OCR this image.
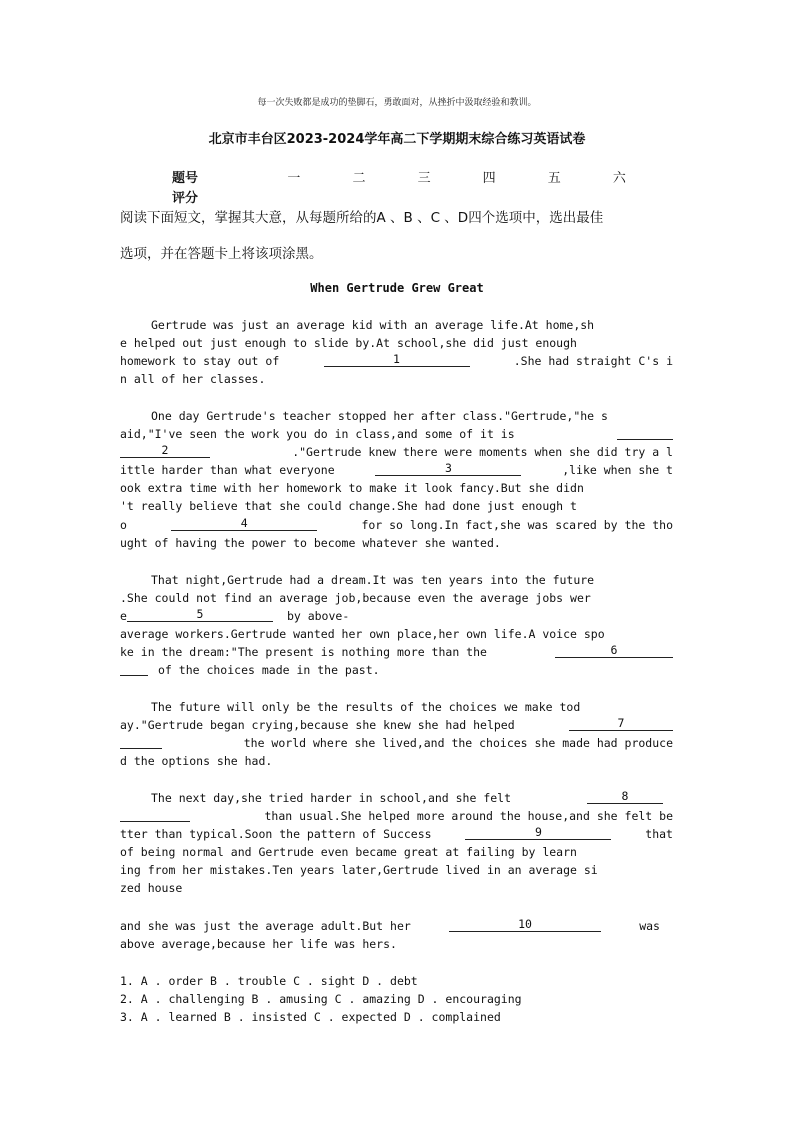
每一次失败都是成功的垫脚石，勇敢面对，从挫折中汲取经验和教训。
北京市丰台区2023-2024学年高二下学期期末综合练习英语试卷
题号	一	二	三	四	五	六
评分
阅读下面短文，掌握其大意，从每题所给的A 、B 、C 、D四个选项中，选出最佳
选项，并在答题卡上将该项涂黑。
When Gertrude Grew Great
Gertrude was just an average kid with an average life.At home,sh
e helped out just enough to slide by.At school,she did just enough
homework to stay out of	1	.She had straight C's i
n all of her classes.
One day Gertrude's teacher stopped her after class."Gertrude,"he s
aid,"I've seen the work you do in class,and some of it is
2	."Gertrude knew there were moments when she did try a l
ittle harder than what everyone	3	,like when she t
ook extra time with her homework to make it look fancy.But she didn
't really believe that she could change.She had done just enough t
o	4	for so long.In fact,she was scared by the tho
ught of having the power to become whatever she wanted.
That night,Gertrude had a dream.It was ten years into the future
.She could not find an average job,because even the average jobs wer
e	5	by above-
average workers.Gertrude wanted her own place,her own life.A voice spo
ke in the dream:"The present is nothing more than the	6
of the choices made in the past.
The future will only be the results of the choices we make tod
ay."Gertrude began crying,because she knew she had helped	7
the world where she lived,and the choices she made had produce
d the options she had.
The next day,she tried harder in school,and she felt	8
than usual.She helped more around the house,and she felt be
tter than typical.Soon the pattern of Success	9	that
of being normal and Gertrude even became great at failing by learn
ing from her mistakes.Ten years later,Gertrude lived in an average si
zed house
and she was just the average adult.But her	10	was
above average,because her life was hers.
1. A . order B . trouble C . sight D . debt
2. A . challenging B . amusing C . amazing D . encouraging
3. A . learned B . insisted C . expected D . complained
